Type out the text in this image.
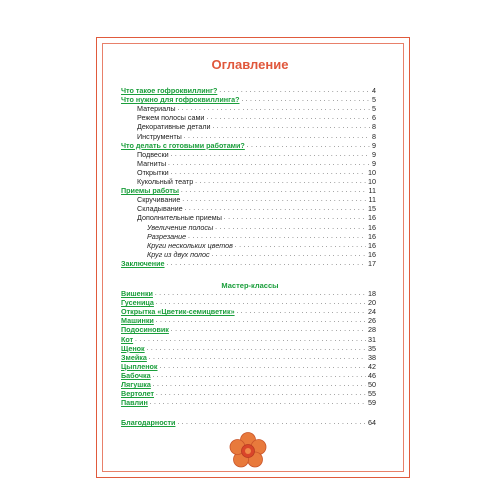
Оглавление
Что такое гофроквиллинг? . . .	4
Что нужно для гофроквиллинга? . . .	5
Материалы . . .	5
Режем полосы сами . . .	6
Декоративные детали . . .	8
Инструменты . . .	8
Что делать с готовыми работами? . . .	9
Подвески . . .	9
Магниты . . .	9
Открытки . . .	10
Кукольный театр . . .	10
Приемы работы . . .	11
Скручивание . . .	11
Складывание . . .	15
Дополнительные приемы . . .	16
Увеличение полосы . . .	16
Разрезание . . .	16
Круги нескольких цветов . . .	16
Круг из двух полос . . .	16
Заключение . . .	17
Мастер-классы
Вишенки . . .	18
Гусеница . . .	20
Открытка «Цветик-семицветик» . . .	24
Машинки . . .	26
Подосиновик . . .	28
Кот . . .	31
Щенок . . .	35
Змейка . . .	38
Цыпленок . . .	42
Бабочка . . .	46
Лягушка . . .	50
Вертолет . . .	55
Павлин . . .	59
Благодарности . . .	64
